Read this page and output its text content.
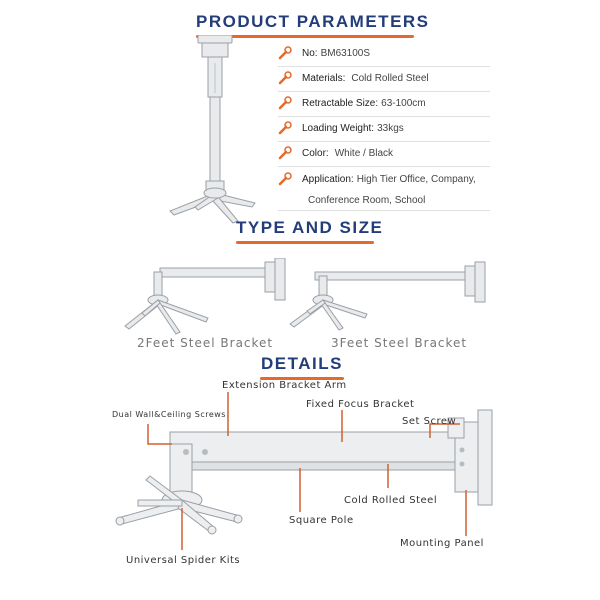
PRODUCT PARAMETERS
No: BM63100S
Materials: Cold Rolled Steel
Retractable Size: 63-100cm
Loading Weight: 33kgs
Color: White / Black
Application: High Tier Office, Company,
Conference Room, School
TYPE AND SIZE
2Feet Steel Bracket	3Feet Steel Bracket
DETAILS
Extension Bracket Arm
Dual Wall&Ceiling Screws
Fixed Focus Bracket
Set Screw
Cold Rolled Steel
Square Pole
Mounting Panel
Universal Spider Kits
